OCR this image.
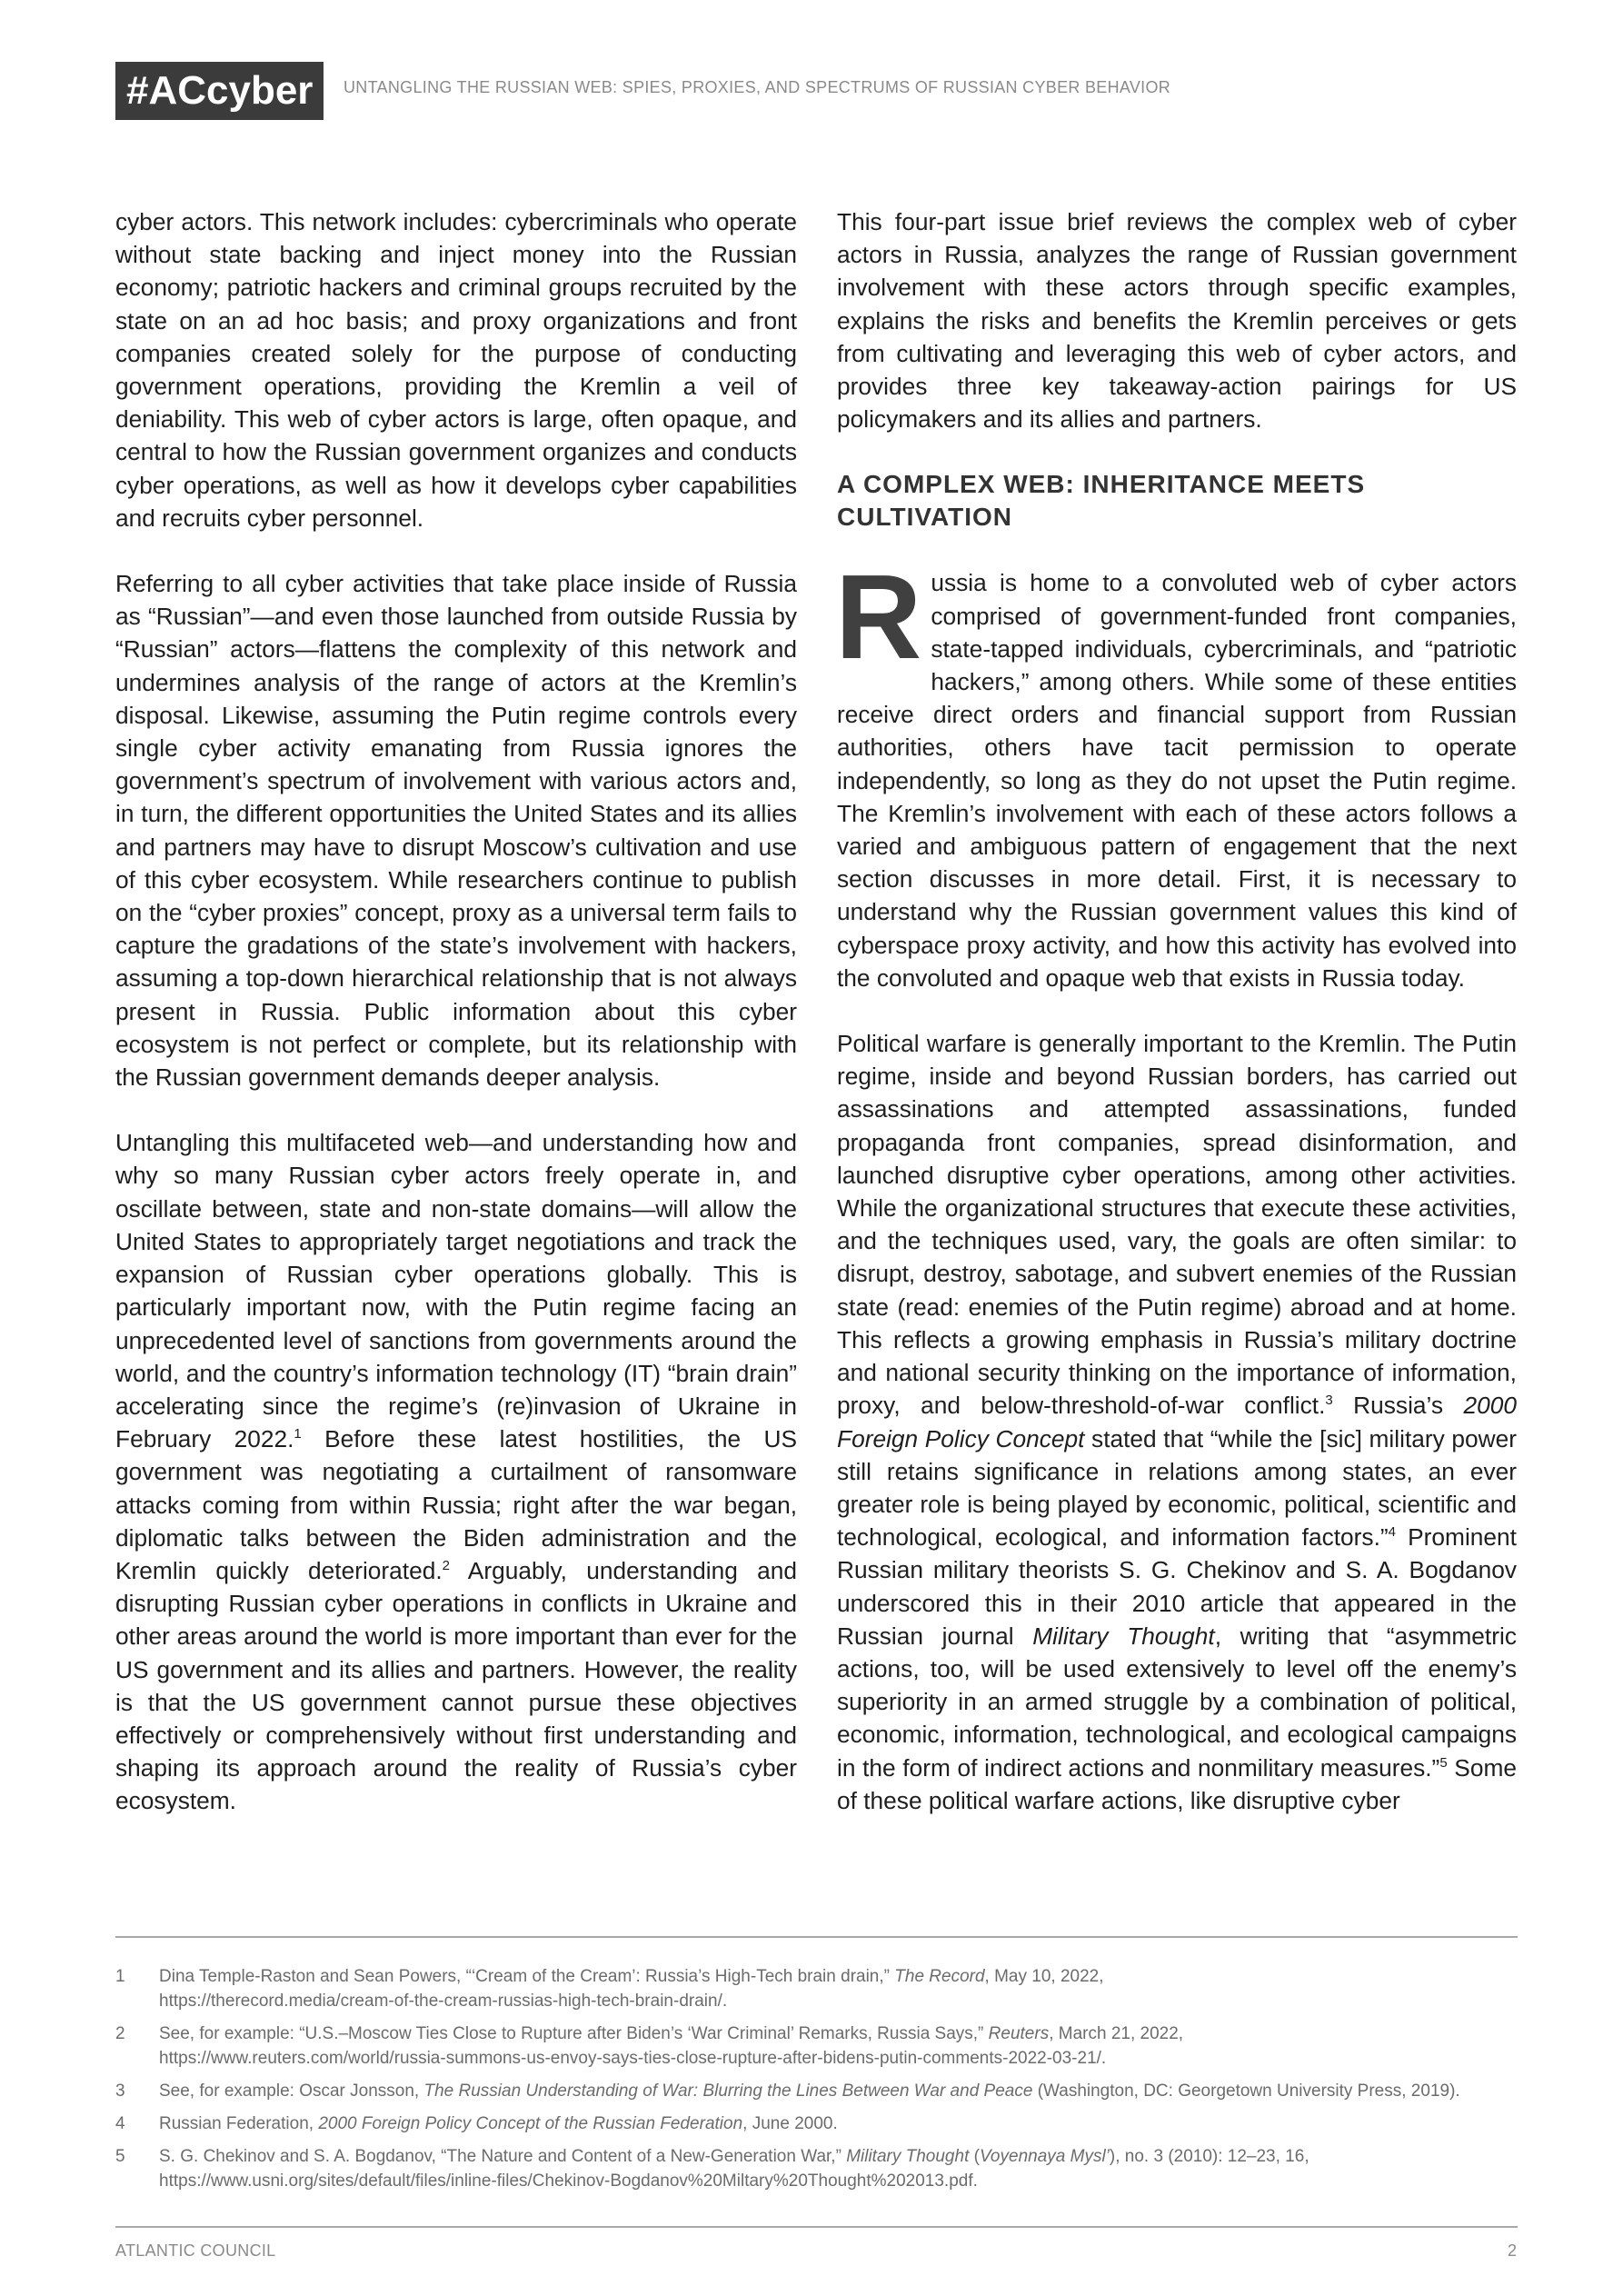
#ACcyber	UNTANGLING THE RUSSIAN WEB: SPIES, PROXIES, AND SPECTRUMS OF RUSSIAN CYBER BEHAVIOR

cyber actors. This network includes: cybercriminals who operate without state backing and inject money into the Russian economy; patriotic hackers and criminal groups recruited by the state on an ad hoc basis; and proxy organizations and front companies created solely for the purpose of conducting government operations, providing the Kremlin a veil of deniability. This web of cyber actors is large, often opaque, and central to how the Russian government organizes and conducts cyber operations, as well as how it develops cyber capabilities and recruits cyber personnel.

Referring to all cyber activities that take place inside of Russia as “Russian”—and even those launched from outside Russia by “Russian” actors—flattens the complexity of this network and undermines analysis of the range of actors at the Kremlin’s disposal. Likewise, assuming the Putin regime controls every single cyber activity emanating from Russia ignores the government’s spectrum of involvement with various actors and, in turn, the different opportunities the United States and its allies and partners may have to disrupt Moscow’s cultivation and use of this cyber ecosystem. While researchers continue to publish on the “cyber proxies” concept, proxy as a universal term fails to capture the gradations of the state’s involvement with hackers, assuming a top-down hierarchical relationship that is not always present in Russia. Public information about this cyber ecosystem is not perfect or complete, but its relationship with the Russian government demands deeper analysis.

Untangling this multifaceted web—and understanding how and why so many Russian cyber actors freely operate in, and oscillate between, state and non-state domains—will allow the United States to appropriately target negotiations and track the expansion of Russian cyber operations globally. This is particularly important now, with the Putin regime facing an unprecedented level of sanctions from governments around the world, and the country’s information technology (IT) “brain drain” accelerating since the regime’s (re)invasion of Ukraine in February 2022.$^1$ Before these latest hostilities, the US government was negotiating a curtailment of ransomware attacks coming from within Russia; right after the war began, diplomatic talks between the Biden administration and the Kremlin quickly deteriorated.$^2$ Arguably, understanding and disrupting Russian cyber operations in conflicts in Ukraine and other areas around the world is more important than ever for the US government and its allies and partners. However, the reality is that the US government cannot pursue these objectives effectively or comprehensively without first understanding and shaping its approach around the reality of Russia’s cyber ecosystem.

This four-part issue brief reviews the complex web of cyber actors in Russia, analyzes the range of Russian government involvement with these actors through specific examples, explains the risks and benefits the Kremlin perceives or gets from cultivating and leveraging this web of cyber actors, and provides three key takeaway-action pairings for US policymakers and its allies and partners.

A COMPLEX WEB: INHERITANCE MEETS CULTIVATION

Russia is home to a convoluted web of cyber actors comprised of government-funded front companies, state-tapped individuals, cybercriminals, and “patriotic hackers,” among others. While some of these entities receive direct orders and financial support from Russian authorities, others have tacit permission to operate independently, so long as they do not upset the Putin regime. The Kremlin’s involvement with each of these actors follows a varied and ambiguous pattern of engagement that the next section discusses in more detail. First, it is necessary to understand why the Russian government values this kind of cyberspace proxy activity, and how this activity has evolved into the convoluted and opaque web that exists in Russia today.

Political warfare is generally important to the Kremlin. The Putin regime, inside and beyond Russian borders, has carried out assassinations and attempted assassinations, funded propaganda front companies, spread disinformation, and launched disruptive cyber operations, among other activities. While the organizational structures that execute these activities, and the techniques used, vary, the goals are often similar: to disrupt, destroy, sabotage, and subvert enemies of the Russian state (read: enemies of the Putin regime) abroad and at home. This reflects a growing emphasis in Russia’s military doctrine and national security thinking on the importance of information, proxy, and below-threshold-of-war conflict.$^3$ Russia’s 2000 Foreign Policy Concept stated that “while the [sic] military power still retains significance in relations among states, an ever greater role is being played by economic, political, scientific and technological, ecological, and information factors.”$^4$ Prominent Russian military theorists S. G. Chekinov and S. A. Bogdanov underscored this in their 2010 article that appeared in the Russian journal Military Thought, writing that “asymmetric actions, too, will be used extensively to level off the enemy’s superiority in an armed struggle by a combination of political, economic, information, technological, and ecological campaigns in the form of indirect actions and nonmilitary measures.”$^5$ Some of these political warfare actions, like disruptive cyber

1	Dina Temple-Raston and Sean Powers, “‘Cream of the Cream’: Russia’s High-Tech brain drain,” The Record, May 10, 2022,
https://therecord.media/cream-of-the-cream-russias-high-tech-brain-drain/.
2	See, for example: “U.S.–Moscow Ties Close to Rupture after Biden’s ‘War Criminal’ Remarks, Russia Says,” Reuters, March 21, 2022,
https://www.reuters.com/world/russia-summons-us-envoy-says-ties-close-rupture-after-bidens-putin-comments-2022-03-21/.
3	See, for example: Oscar Jonsson, The Russian Understanding of War: Blurring the Lines Between War and Peace (Washington, DC: Georgetown University Press, 2019).
4	Russian Federation, 2000 Foreign Policy Concept of the Russian Federation, June 2000.
5	S. G. Chekinov and S. A. Bogdanov, “The Nature and Content of a New-Generation War,” Military Thought (Voyennaya Mysl’), no. 3 (2010): 12–23, 16,
https://www.usni.org/sites/default/files/inline-files/Chekinov-Bogdanov%20Miltary%20Thought%202013.pdf.
ATLANTIC COUNCIL	2
